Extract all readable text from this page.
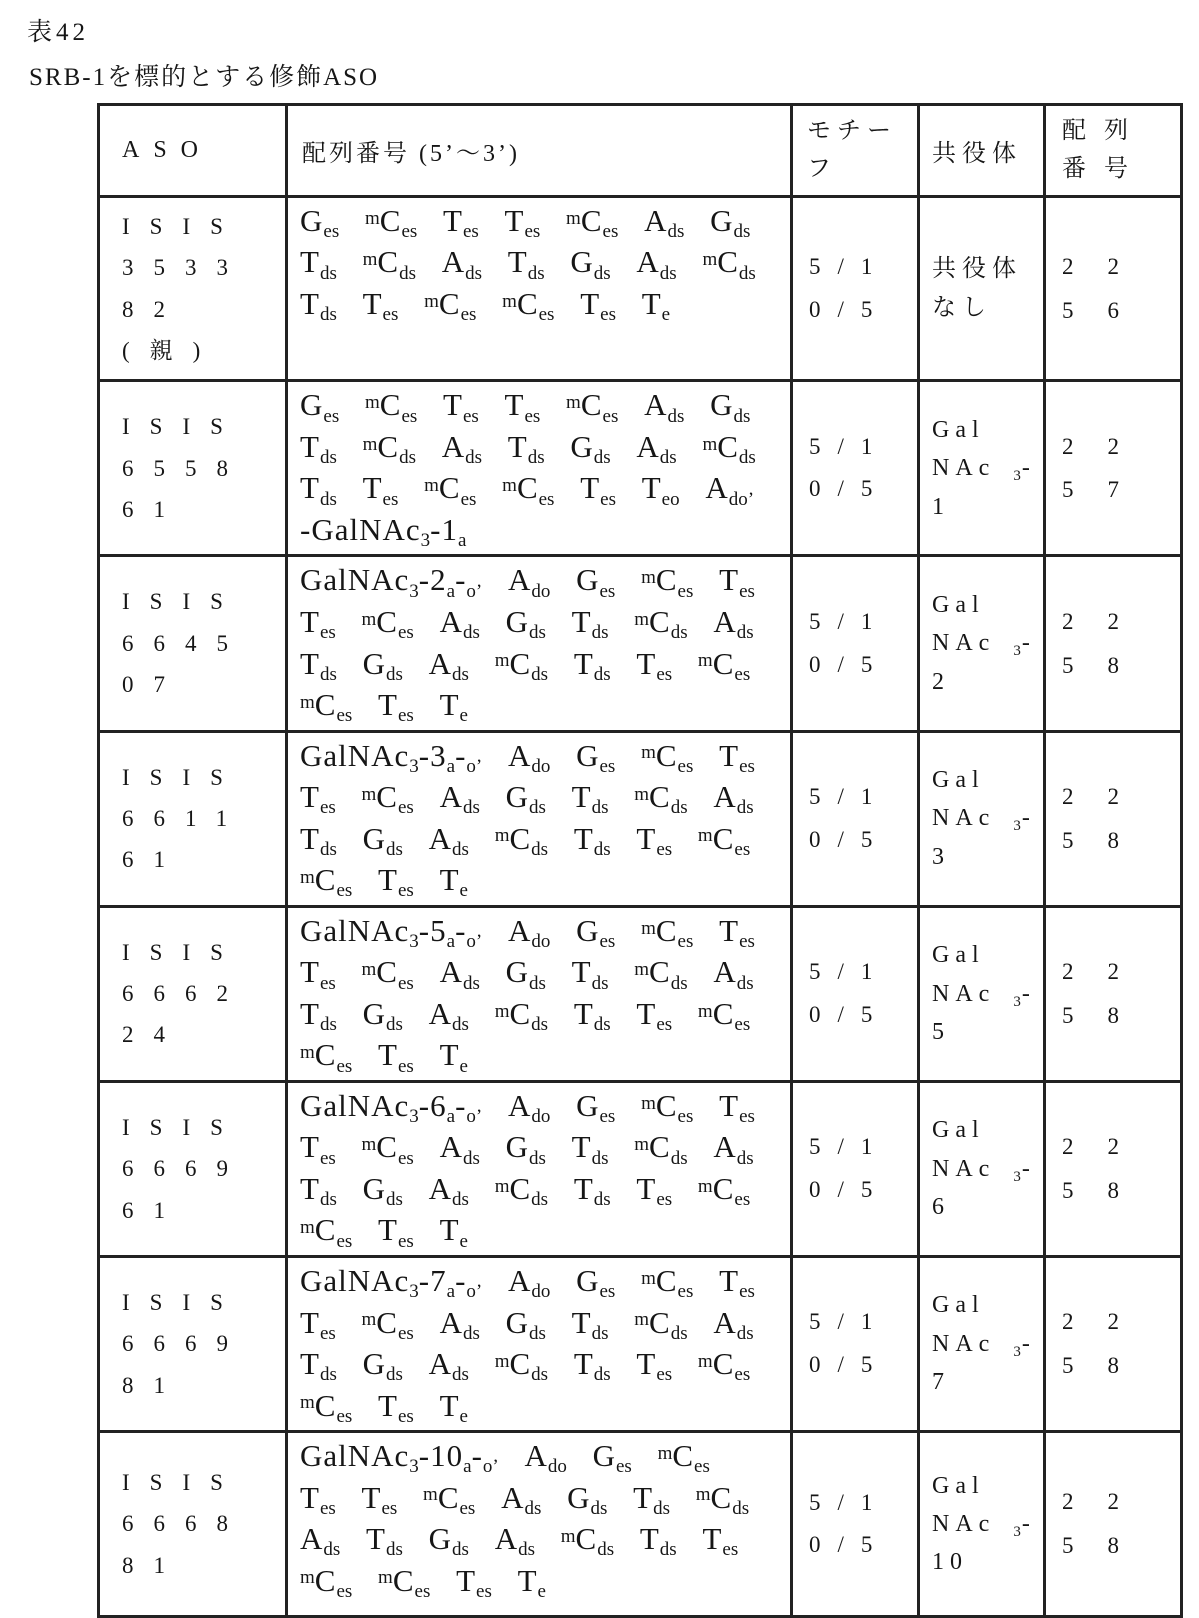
表42
SRB-1を標的とする修飾ASO
ASO	配列番号 (5’～3’)	モチーフ	共役体	配列番号
ISIS 353382 (親)	$G_{es}$ $^mC_{es}$ $T_{es}$ $T_{es}$ $^mC_{es}$ $A_{ds}$ $G_{ds}$ $T_{ds}$ $^mC_{ds}$ $A_{ds}$ $T_{ds}$ $G_{ds}$ $A_{ds}$ $^mC_{ds}$ $T_{ds}$ $T_{es}$ $^mC_{es}$ $^mC_{es}$ $T_{es}$ $T_e$	5/10/5	共役体 なし	2256
ISIS 655861	$G_{es}$ $^mC_{es}$ $T_{es}$ $T_{es}$ $^mC_{es}$ $A_{ds}$ $G_{ds}$ $T_{ds}$ $^mC_{ds}$ $A_{ds}$ $T_{ds}$ $G_{ds}$ $A_{ds}$ $^mC_{ds}$ $T_{ds}$ $T_{es}$ $^mC_{es}$ $^mC_{es}$ $T_{es}$ $T_{eo}$ $A_{do’}$ $-GalNAc_3-1_a$	5/10/5	Gal NAc $_3$-1	2257
ISIS 664507	$GalNAc_3-2_a-_{o’}$ $A_{do}$ $G_{es}$ $^mC_{es}$ $T_{es}$ $T_{es}$ $^mC_{es}$ $A_{ds}$ $G_{ds}$ $T_{ds}$ $^mC_{ds}$ $A_{ds}$ $T_{ds}$ $G_{ds}$ $A_{ds}$ $^mC_{ds}$ $T_{ds}$ $T_{es}$ $^mC_{es}$ $^mC_{es}$ $T_{es}$ $T_e$	5/10/5	Gal NAc $_3$-2	2258
ISIS 661161	$GalNAc_3-3_a-_{o’}$ $A_{do}$ $G_{es}$ $^mC_{es}$ $T_{es}$ $T_{es}$ $^mC_{es}$ $A_{ds}$ $G_{ds}$ $T_{ds}$ $^mC_{ds}$ $A_{ds}$ $T_{ds}$ $G_{ds}$ $A_{ds}$ $^mC_{ds}$ $T_{ds}$ $T_{es}$ $^mC_{es}$ $^mC_{es}$ $T_{es}$ $T_e$	5/10/5	Gal NAc $_3$-3	2258
ISIS 666224	$GalNAc_3-5_a-_{o’}$ $A_{do}$ $G_{es}$ $^mC_{es}$ $T_{es}$ $T_{es}$ $^mC_{es}$ $A_{ds}$ $G_{ds}$ $T_{ds}$ $^mC_{ds}$ $A_{ds}$ $T_{ds}$ $G_{ds}$ $A_{ds}$ $^mC_{ds}$ $T_{ds}$ $T_{es}$ $^mC_{es}$ $^mC_{es}$ $T_{es}$ $T_e$	5/10/5	Gal NAc $_3$-5	2258
ISIS 666961	$GalNAc_3-6_a-_{o’}$ $A_{do}$ $G_{es}$ $^mC_{es}$ $T_{es}$ $T_{es}$ $^mC_{es}$ $A_{ds}$ $G_{ds}$ $T_{ds}$ $^mC_{ds}$ $A_{ds}$ $T_{ds}$ $G_{ds}$ $A_{ds}$ $^mC_{ds}$ $T_{ds}$ $T_{es}$ $^mC_{es}$ $^mC_{es}$ $T_{es}$ $T_e$	5/10/5	Gal NAc $_3$-6	2258
ISIS 666981	$GalNAc_3-7_a-_{o’}$ $A_{do}$ $G_{es}$ $^mC_{es}$ $T_{es}$ $T_{es}$ $^mC_{es}$ $A_{ds}$ $G_{ds}$ $T_{ds}$ $^mC_{ds}$ $A_{ds}$ $T_{ds}$ $G_{ds}$ $A_{ds}$ $^mC_{ds}$ $T_{ds}$ $T_{es}$ $^mC_{es}$ $^mC_{es}$ $T_{es}$ $T_e$	5/10/5	Gal NAc $_3$-7	2258
ISIS 666881	$GalNAc_3-10_a-_{o’}$ $A_{do}$ $G_{es}$ $^mC_{es}$ $T_{es}$ $T_{es}$ $^mC_{es}$ $A_{ds}$ $G_{ds}$ $T_{ds}$ $^mC_{ds}$ $A_{ds}$ $T_{ds}$ $G_{ds}$ $A_{ds}$ $^mC_{ds}$ $T_{ds}$ $T_{es}$ $^mC_{es}$ $^mC_{es}$ $T_{es}$ $T_e$	5/10/5	Gal NAc $_3$-10	2258
